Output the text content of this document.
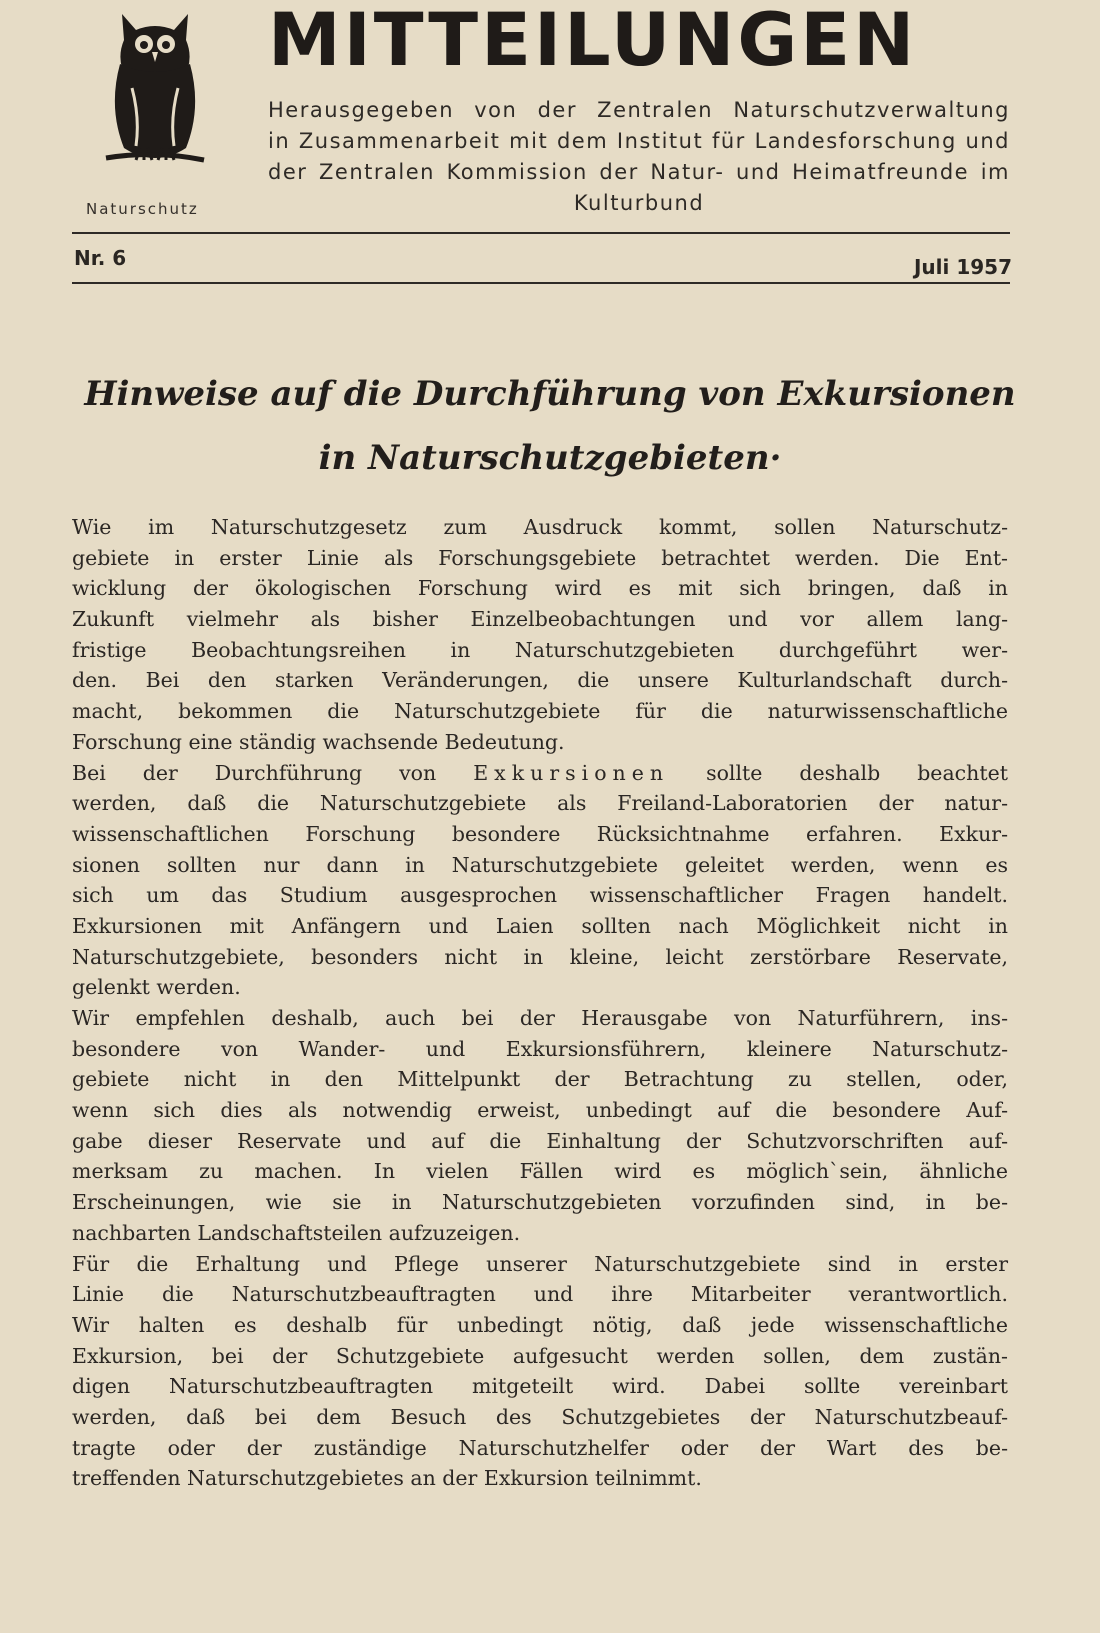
Naturschutz
MITTEILUNGEN
Herausgegeben von der Zentralen Naturschutzverwaltung
in Zusammenarbeit mit dem Institut für Landesforschung und
der Zentralen Kommission der Natur- und Heimatfreunde im
Kulturbund
Nr. 6	Juli 1957
Hinweise auf die Durchführung von Exkursionen
in Naturschutzgebieten·

Wie im Naturschutzgesetz zum Ausdruck kommt, sollen Naturschutz-
gebiete in erster Linie als Forschungsgebiete betrachtet werden. Die Ent-
wicklung der ökologischen Forschung wird es mit sich bringen, daß in
Zukunft vielmehr als bisher Einzelbeobachtungen und vor allem lang-
fristige Beobachtungsreihen in Naturschutzgebieten durchgeführt wer-
den. Bei den starken Veränderungen, die unsere Kulturlandschaft durch-
macht, bekommen die Naturschutzgebiete für die naturwissenschaftliche
Forschung eine ständig wachsende Bedeutung.

Bei der Durchführung von Exkursionen sollte deshalb beachtet
werden, daß die Naturschutzgebiete als Freiland-Laboratorien der natur-
wissenschaftlichen Forschung besondere Rücksichtnahme erfahren. Exkur-
sionen sollten nur dann in Naturschutzgebiete geleitet werden, wenn es
sich um das Studium ausgesprochen wissenschaftlicher Fragen handelt.
Exkursionen mit Anfängern und Laien sollten nach Möglichkeit nicht in
Naturschutzgebiete, besonders nicht in kleine, leicht zerstörbare Reservate,
gelenkt werden.

Wir empfehlen deshalb, auch bei der Herausgabe von Naturführern, ins-
besondere von Wander- und Exkursionsführern, kleinere Naturschutz-
gebiete nicht in den Mittelpunkt der Betrachtung zu stellen, oder,
wenn sich dies als notwendig erweist, unbedingt auf die besondere Auf-
gabe dieser Reservate und auf die Einhaltung der Schutzvorschriften auf-
merksam zu machen. In vielen Fällen wird es möglich`sein, ähnliche
Erscheinungen, wie sie in Naturschutzgebieten vorzufinden sind, in be-
nachbarten Landschaftsteilen aufzuzeigen.

Für die Erhaltung und Pflege unserer Naturschutzgebiete sind in erster
Linie die Naturschutzbeauftragten und ihre Mitarbeiter verantwortlich.
Wir halten es deshalb für unbedingt nötig, daß jede wissenschaftliche
Exkursion, bei der Schutzgebiete aufgesucht werden sollen, dem zustän-
digen Naturschutzbeauftragten mitgeteilt wird. Dabei sollte vereinbart
werden, daß bei dem Besuch des Schutzgebietes der Naturschutzbeauf-
tragte oder der zuständige Naturschutzhelfer oder der Wart des be-
treffenden Naturschutzgebietes an der Exkursion teilnimmt.
